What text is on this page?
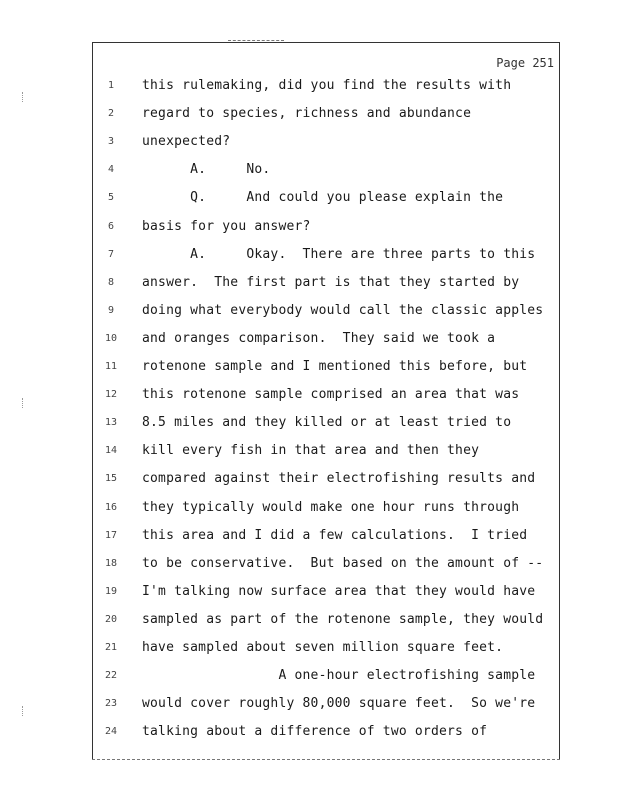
Page 251
1	this rulemaking, did you find the results with
2	regard to species, richness and abundance
3	unexpected?
4	A.     No.
5	Q.     And could you please explain the
6	basis for you answer?
7	A.     Okay.  There are three parts to this
8	answer.  The first part is that they started by
9	doing what everybody would call the classic apples
10	and oranges comparison.  They said we took a
11	rotenone sample and I mentioned this before, but
12	this rotenone sample comprised an area that was
13	8.5 miles and they killed or at least tried to
14	kill every fish in that area and then they
15	compared against their electrofishing results and
16	they typically would make one hour runs through
17	this area and I did a few calculations.  I tried
18	to be conservative.  But based on the amount of --
19	I'm talking now surface area that they would have
20	sampled as part of the rotenone sample, they would
21	have sampled about seven million square feet.
22	A one-hour electrofishing sample
23	would cover roughly 80,000 square feet.  So we're
24	talking about a difference of two orders of
